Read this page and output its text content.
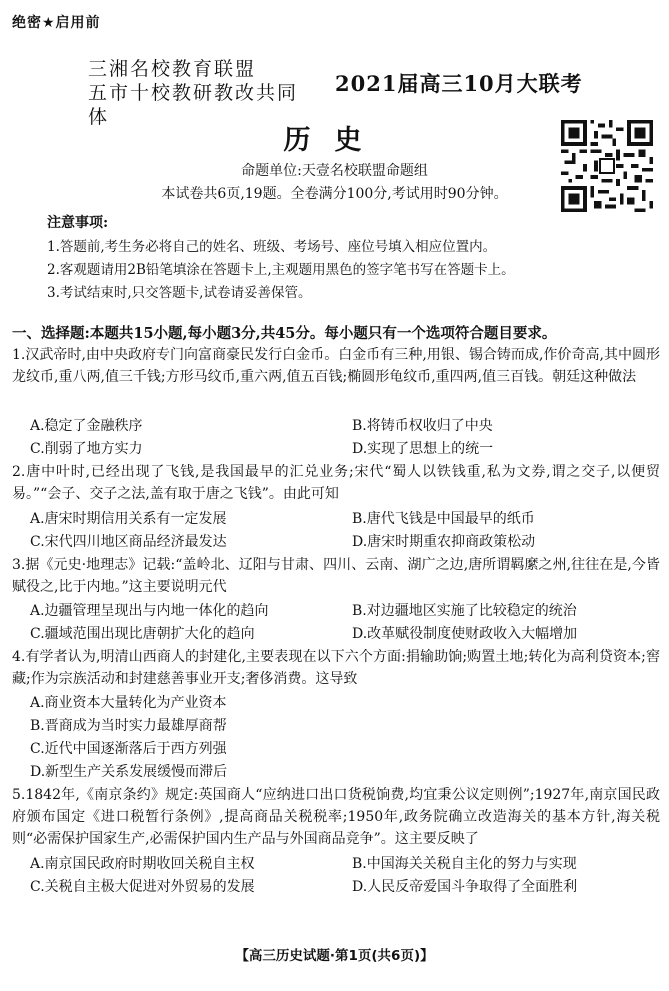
绝密★启用前
三湘名校教育联盟
五市十校教研教改共同体
2021届高三10月大联考
历史
命题单位:天壹名校联盟命题组
本试卷共6页,19题。全卷满分100分,考试用时90分钟。
注意事项:
1.答题前,考生务必将自己的姓名、班级、考场号、座位号填入相应位置内。
2.客观题请用2B铅笔填涂在答题卡上,主观题用黑色的签字笔书写在答题卡上。
3.考试结束时,只交答题卡,试卷请妥善保管。
一、选择题:本题共15小题,每小题3分,共45分。每小题只有一个选项符合题目要求。
1.汉武帝时,由中央政府专门向富商豪民发行白金币。白金币有三种,用银、锡合铸而成,作价奇高,其中圆形龙纹币,重八两,值三千钱;方形马纹币,重六两,值五百钱;椭圆形龟纹币,重四两,值三百钱。朝廷这种做法
A.稳定了金融秩序	B.将铸币权收归了中央
C.削弱了地方实力	D.实现了思想上的统一
2.唐中叶时,已经出现了飞钱,是我国最早的汇兑业务;宋代“蜀人以铁钱重,私为文券,谓之交子,以便贸易。”“会子、交子之法,盖有取于唐之飞钱”。由此可知
A.唐宋时期信用关系有一定发展	B.唐代飞钱是中国最早的纸币
C.宋代四川地区商品经济最发达	D.唐宋时期重农抑商政策松动
3.据《元史·地理志》记载:“盖岭北、辽阳与甘肃、四川、云南、湖广之边,唐所谓羁縻之州,往往在是,今皆赋役之,比于内地。”这主要说明元代
A.边疆管理呈现出与内地一体化的趋向	B.对边疆地区实施了比较稳定的统治
C.疆域范围出现比唐朝扩大化的趋向	D.改革赋役制度使财政收入大幅增加
4.有学者认为,明清山西商人的封建化,主要表现在以下六个方面:捐输助饷;购置土地;转化为高利贷资本;窖藏;作为宗族活动和封建慈善事业开支;奢侈消费。这导致
A.商业资本大量转化为产业资本
B.晋商成为当时实力最雄厚商帮
C.近代中国逐渐落后于西方列强
D.新型生产关系发展缓慢而滞后
5.1842年,《南京条约》规定:英国商人“应纳进口出口货税饷费,均宜秉公议定则例”;1927年,南京国民政府颁布国定《进口税暂行条例》,提高商品关税税率;1950年,政务院确立改造海关的基本方针,海关税则“必需保护国家生产,必需保护国内生产品与外国商品竞争”。这主要反映了
A.南京国民政府时期收回关税自主权	B.中国海关关税自主化的努力与实现
C.关税自主极大促进对外贸易的发展	D.人民反帝爱国斗争取得了全面胜利
【高三历史试题·第1页(共6页)】
